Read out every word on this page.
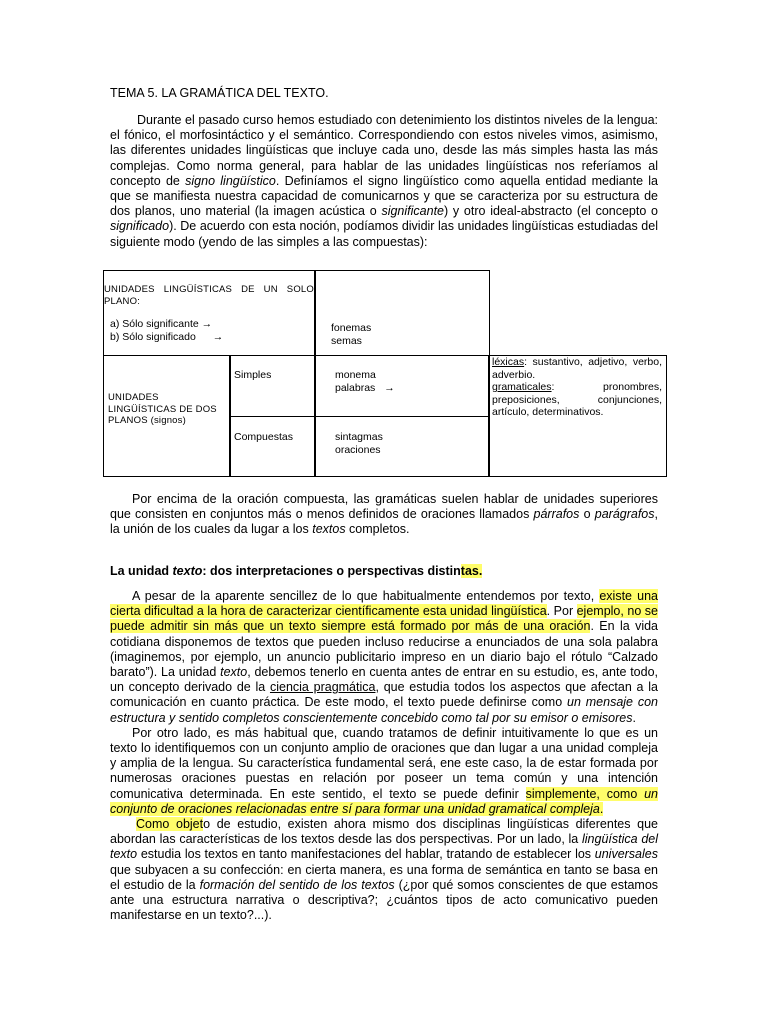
TEMA 5. LA GRAMÁTICA DEL TEXTO.

Durante el pasado curso hemos estudiado con detenimiento los distintos niveles de la lengua: el fónico, el morfosintáctico y el semántico. Correspondiendo con estos niveles vimos, asimismo, las diferentes unidades lingüísticas que incluye cada uno, desde las más simples hasta las más complejas. Como norma general, para hablar de las unidades lingüísticas nos referíamos al concepto de signo lingüístico. Definíamos el signo lingüístico como aquella entidad mediante la que se manifiesta nuestra capacidad de comunicarnos y que se caracteriza por su estructura de dos planos, uno material (la imagen acústica o significante) y otro ideal-abstracto (el concepto o significado). De acuerdo con esta noción, podíamos dividir las unidades lingüísticas estudiadas del siguiente modo (yendo de las simples a las compuestas):

UNIDADES LINGÜÍSTICAS DE UN SOLO PLANO:
a) Sólo significante →
b) Sólo significado →
fonemas
semas
UNIDADES LINGÜÍSTICAS DE DOS PLANOS (signos)
Simples
Compuestas
monema
palabras →
sintagmas
oraciones
léxicas: sustantivo, adjetivo, verbo, adverbio.
gramaticales: pronombres, preposiciones, conjunciones, artículo, determinativos.

Por encima de la oración compuesta, las gramáticas suelen hablar de unidades superiores que consisten en conjuntos más o menos definidos de oraciones llamados párrafos o parágrafos, la unión de los cuales da lugar a los textos completos.

La unidad texto: dos interpretaciones o perspectivas distintas.

A pesar de la aparente sencillez de lo que habitualmente entendemos por texto, existe una cierta dificultad a la hora de caracterizar científicamente esta unidad lingüística. Por ejemplo, no se puede admitir sin más que un texto siempre está formado por más de una oración. En la vida cotidiana disponemos de textos que pueden incluso reducirse a enunciados de una sola palabra (imaginemos, por ejemplo, un anuncio publicitario impreso en un diario bajo el rótulo “Calzado barato”). La unidad texto, debemos tenerlo en cuenta antes de entrar en su estudio, es, ante todo, un concepto derivado de la ciencia pragmática, que estudia todos los aspectos que afectan a la comunicación en cuanto práctica. De este modo, el texto puede definirse como un mensaje con estructura y sentido completos conscientemente concebido como tal por su emisor o emisores.

Por otro lado, es más habitual que, cuando tratamos de definir intuitivamente lo que es un texto lo identifiquemos con un conjunto amplio de oraciones que dan lugar a una unidad compleja y amplia de la lengua. Su característica fundamental será, ene este caso, la de estar formada por numerosas oraciones puestas en relación por poseer un tema común y una intención comunicativa determinada. En este sentido, el texto se puede definir simplemente, como un conjunto de oraciones relacionadas entre sí para formar una unidad gramatical compleja.

Como objeto de estudio, existen ahora mismo dos disciplinas lingüísticas diferentes que abordan las características de los textos desde las dos perspectivas. Por un lado, la lingüística del texto estudia los textos en tanto manifestaciones del hablar, tratando de establecer los universales que subyacen a su confección: en cierta manera, es una forma de semántica en tanto se basa en el estudio de la formación del sentido de los textos (¿por qué somos conscientes de que estamos ante una estructura narrativa o descriptiva?; ¿cuántos tipos de acto comunicativo pueden manifestarse en un texto?...).
